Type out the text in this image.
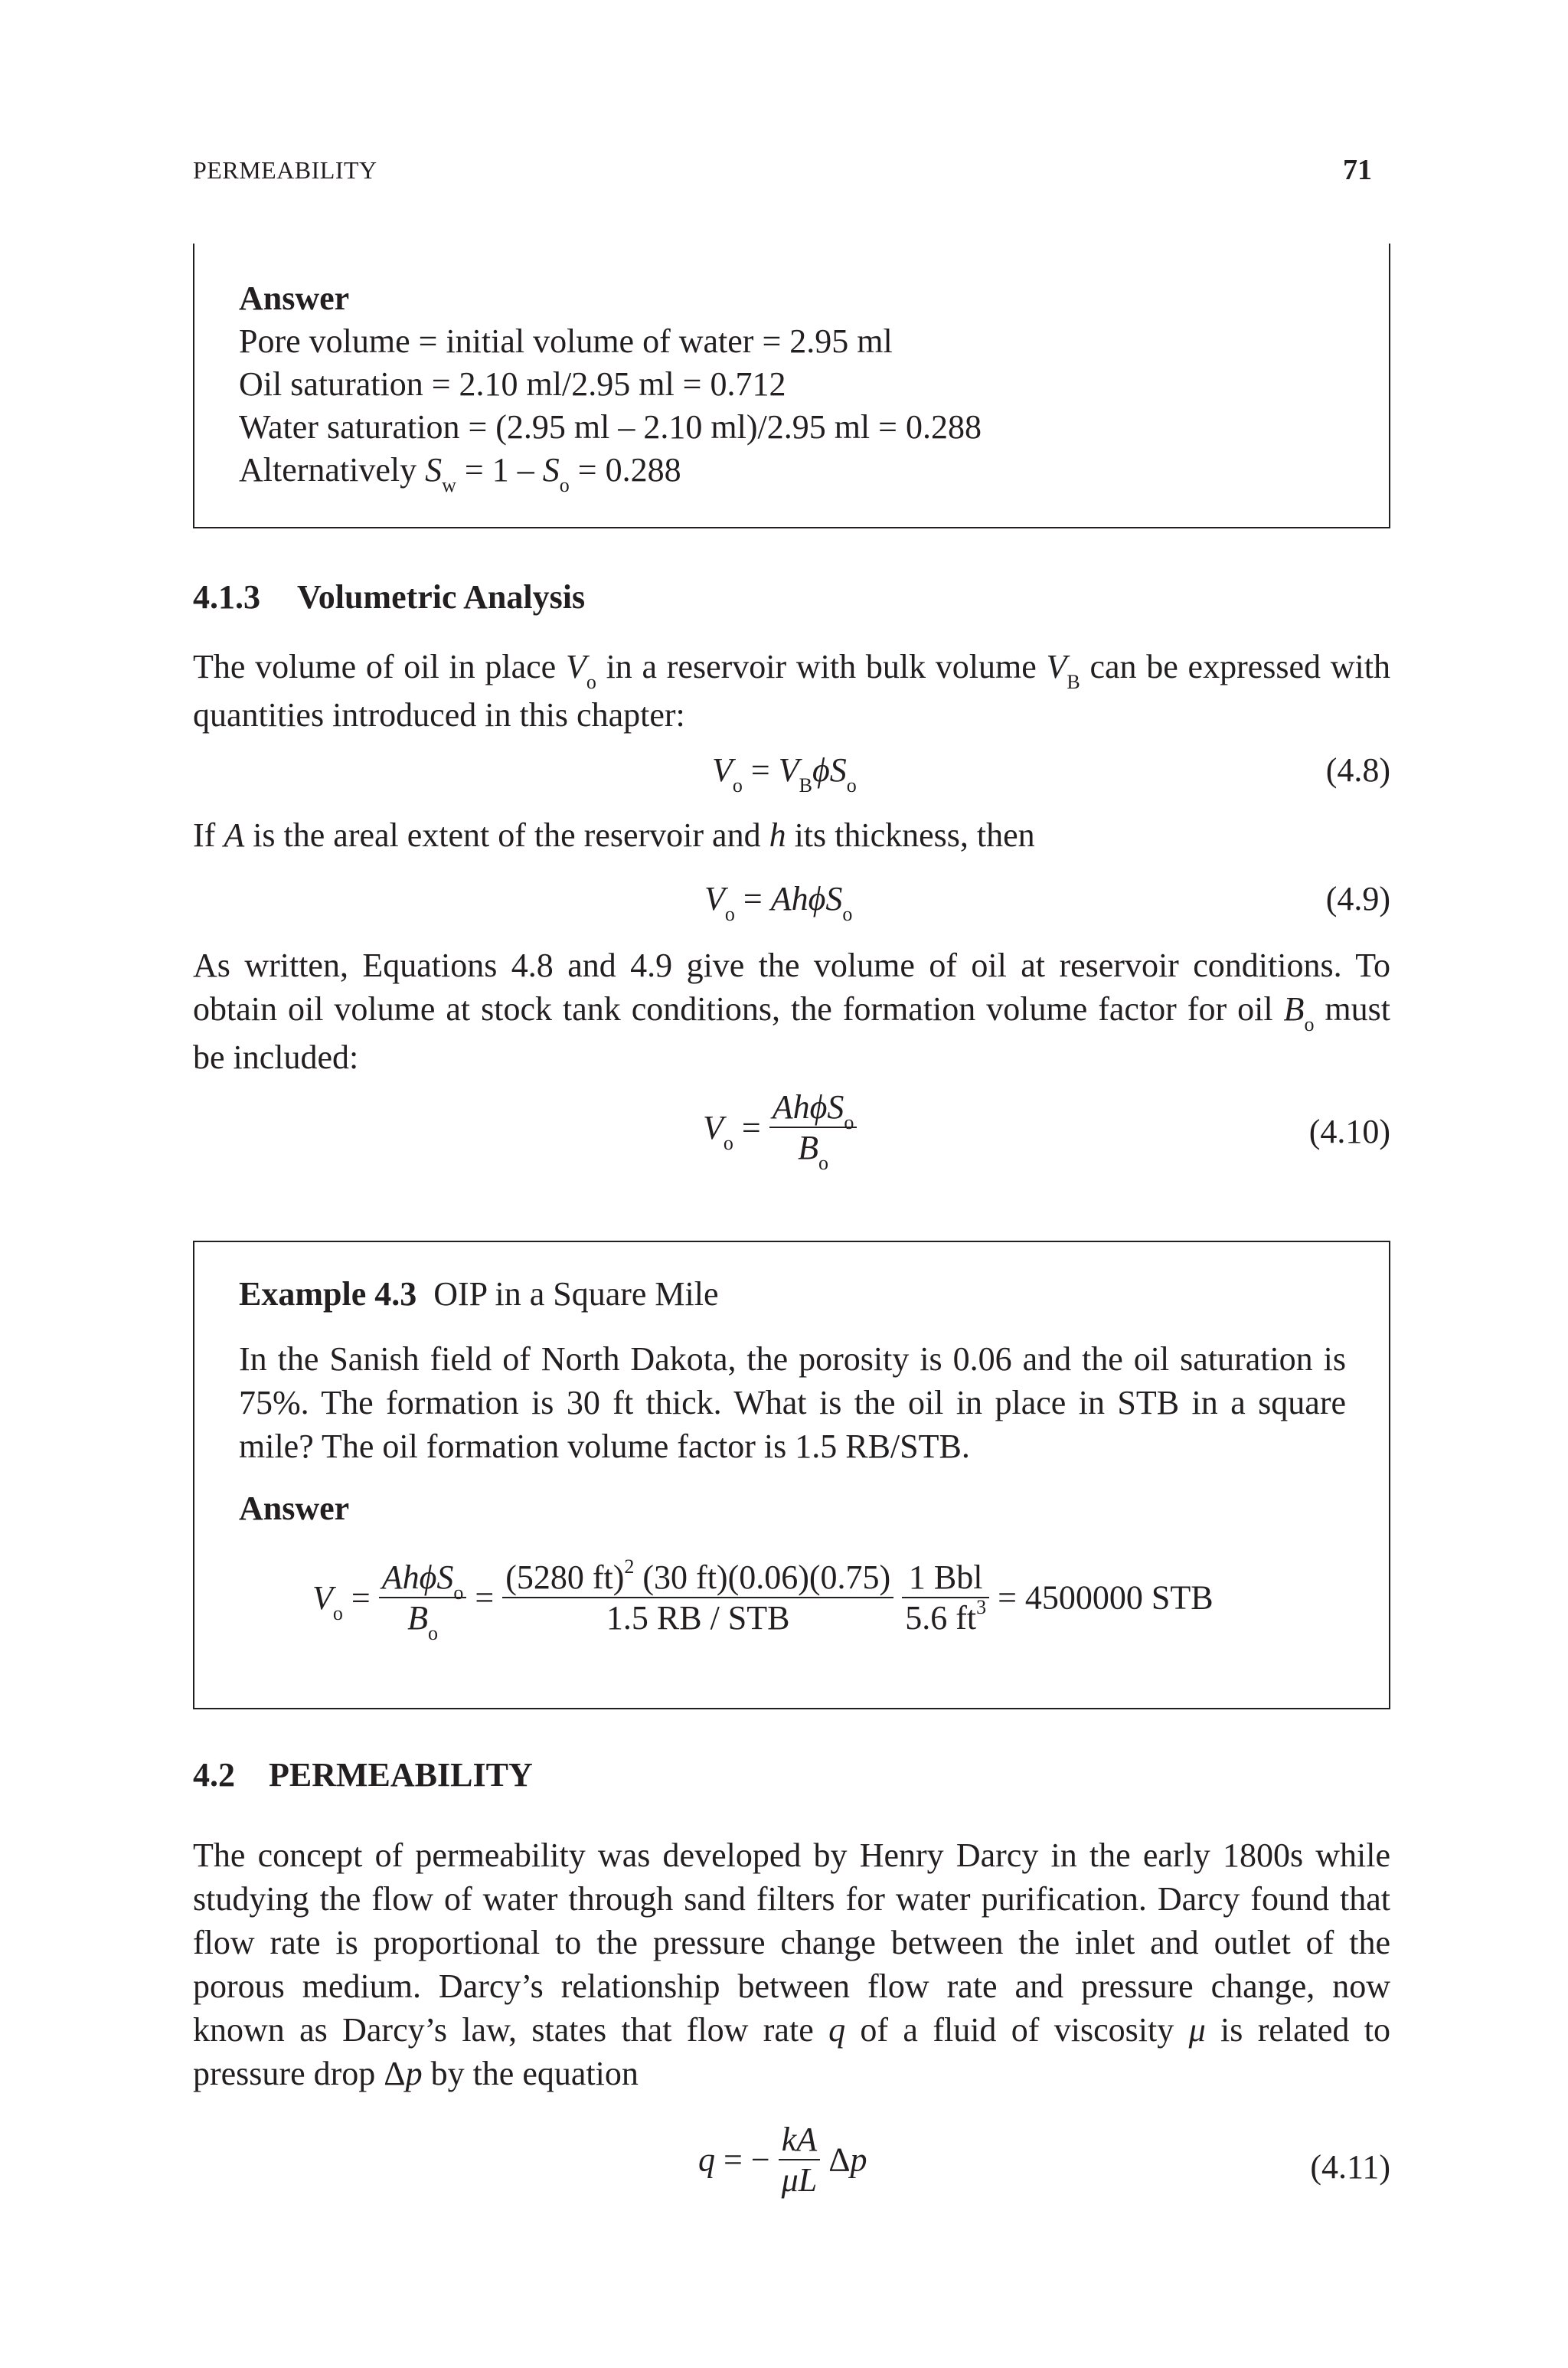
PERMEABILITY	71
Answer
Pore volume = initial volume of water = 2.95 ml
Oil saturation = 2.10 ml/2.95 ml = 0.712
Water saturation = (2.95 ml – 2.10 ml)/2.95 ml = 0.288
Alternatively $S_w = 1 - S_o = 0.288$
4.1.3 Volumetric Analysis
The volume of oil in place $V_o$ in a reservoir with bulk volume $V_B$ can be expressed with quantities introduced in this chapter:
$V_o = V_B\phi S_o$	(4.8)
If A is the areal extent of the reservoir and h its thickness, then
$V_o = Ah\phi S_o$	(4.9)
As written, Equations 4.8 and 4.9 give the volume of oil at reservoir conditions. To obtain oil volume at stock tank conditions, the formation volume factor for oil $B_o$ must be included:
$V_o = \frac{Ah\phi S_o}{B_o}$	(4.10)
Example 4.3 OIP in a Square Mile
In the Sanish field of North Dakota, the porosity is 0.06 and the oil saturation is 75%. The formation is 30 ft thick. What is the oil in place in STB in a square mile? The oil formation volume factor is 1.5 RB/STB.
Answer
$V_o = \frac{Ah\phi S_o}{B_o} = \frac{(5280 ft)^2 (30 ft)(0.06)(0.75)}{\text{1.5 RB / STB}}$
$\frac{\text{1 Bbl}}{5.6 ft^3} = 4500000$ STB
4.2 PERMEABILITY
The concept of permeability was developed by Henry Darcy in the early 1800s while studying the flow of water through sand filters for water purification. Darcy found that flow rate is proportional to the pressure change between the inlet and outlet of the porous medium. Darcy’s relationship between flow rate and pressure change, now known as Darcy’s law, states that flow rate q of a fluid of viscosity μ is related to pressure drop Δp by the equation
q = − $\frac{kA}{\mu L}$ Δp	(4.11)
